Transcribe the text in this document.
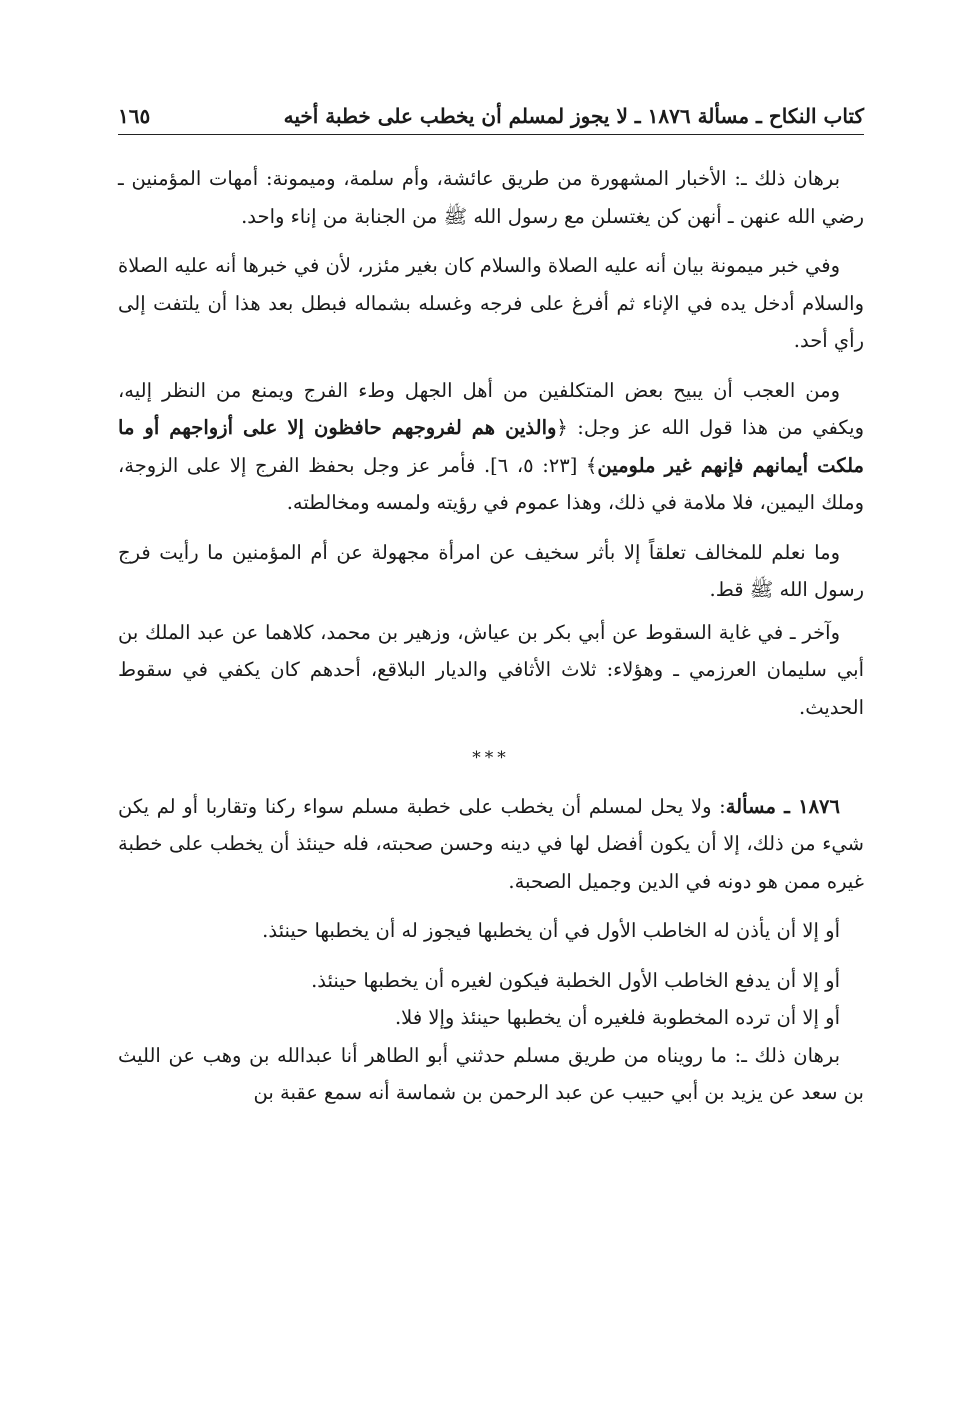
كتاب النكاح ـ مسألة ١٨٧٦ ـ لا يجوز لمسلم أن يخطب على خطبة أخيه
١٦٥

برهان ذلك ـ: الأخبار المشهورة من طريق عائشة، وأم سلمة، وميمونة: أمهات المؤمنين ـ رضي الله عنهن ـ أنهن كن يغتسلن مع رسول الله ﷺ من الجنابة من إناء واحد.

وفي خبر ميمونة بيان أنه عليه الصلاة والسلام كان بغير مئزر، لأن في خبرها أنه عليه الصلاة والسلام أدخل يده في الإناء ثم أفرغ على فرجه وغسله بشماله فبطل بعد هذا أن يلتفت إلى رأي أحد.

ومن العجب أن يبيح بعض المتكلفين من أهل الجهل وطء الفرج ويمنع من النظر إليه، ويكفي من هذا قول الله عز وجل: ﴿والذين هم لفروجهم حافظون إلا على أزواجهم أو ما ملكت أيمانهم فإنهم غير ملومين﴾ [٢٣: ٥، ٦]. فأمر عز وجل بحفظ الفرج إلا على الزوجة، وملك اليمين، فلا ملامة في ذلك، وهذا عموم في رؤيته ولمسه ومخالطته.

وما نعلم للمخالف تعلقاً إلا بأثر سخيف عن امرأة مجهولة عن أم المؤمنين ما رأيت فرج رسول الله ﷺ قط.

وآخر ـ في غاية السقوط عن أبي بكر بن عياش، وزهير بن محمد، كلاهما عن عبد الملك بن أبي سليمان العرزمي ـ وهؤلاء: ثلاث الأثافي والديار البلاقع، أحدهم كان يكفي في سقوط الحديث.

***

١٨٧٦ ـ مسألة: ولا يحل لمسلم أن يخطب على خطبة مسلم سواء ركنا وتقاربا أو لم يكن شيء من ذلك، إلا أن يكون أفضل لها في دينه وحسن صحبته، فله حينئذ أن يخطب على خطبة غيره ممن هو دونه في الدين وجميل الصحبة.

أو إلا أن يأذن له الخاطب الأول في أن يخطبها فيجوز له أن يخطبها حينئذ.

أو إلا أن يدفع الخاطب الأول الخطبة فيكون لغيره أن يخطبها حينئذ.

أو إلا أن ترده المخطوبة فلغيره أن يخطبها حينئذ وإلا فلا.

برهان ذلك ـ: ما رويناه من طريق مسلم حدثني أبو الطاهر أنا عبدالله بن وهب عن الليث بن سعد عن يزيد بن أبي حبيب عن عبد الرحمن بن شماسة أنه سمع عقبة بن
